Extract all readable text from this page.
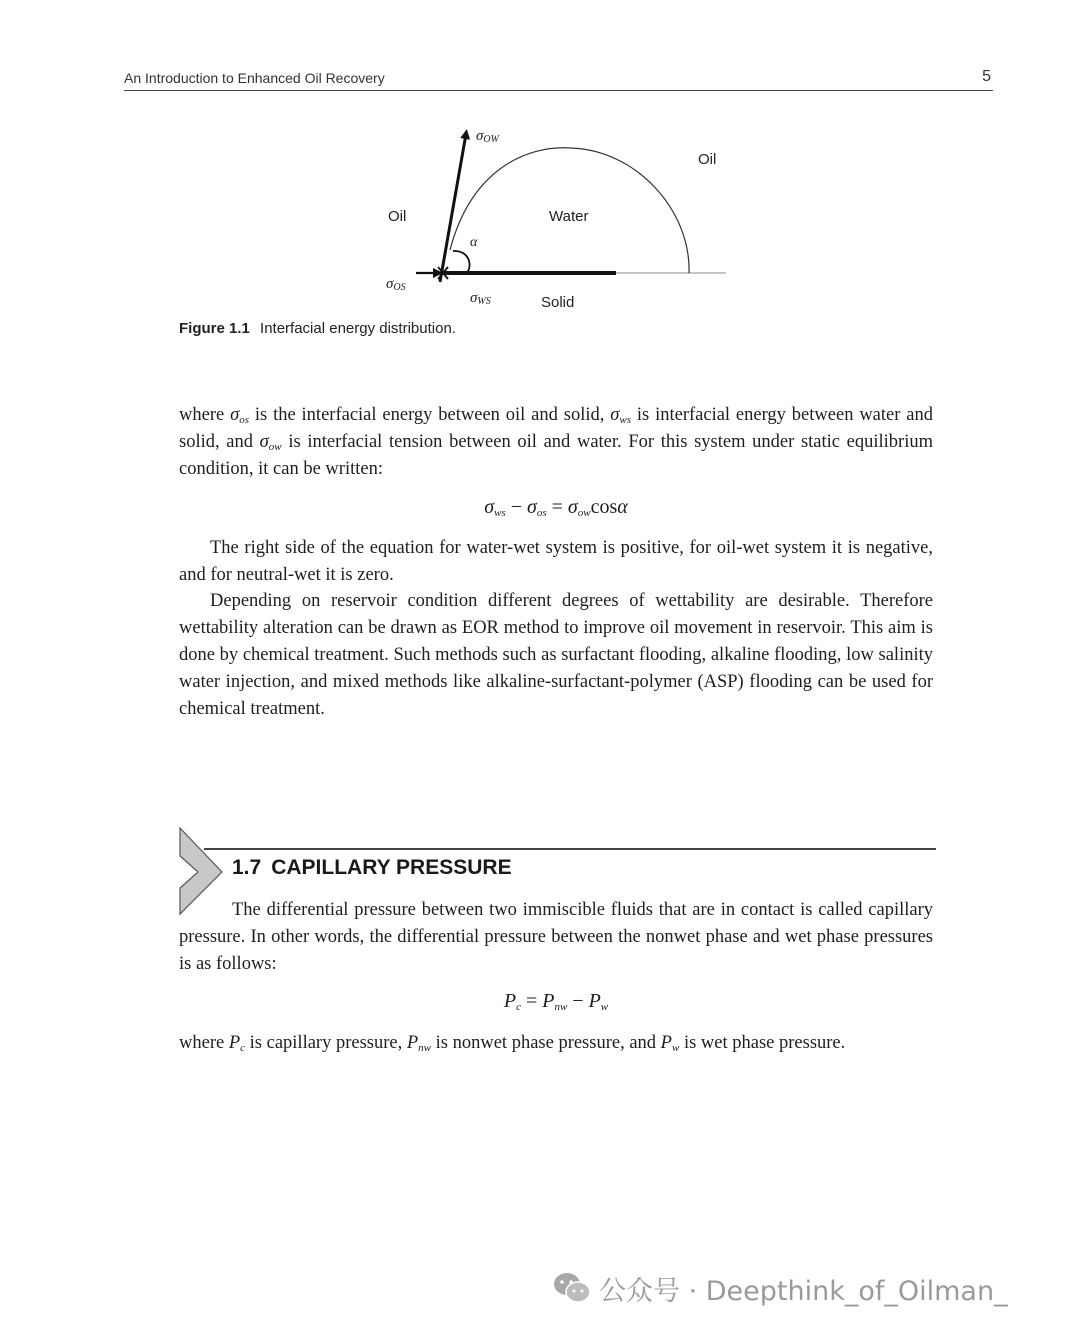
An Introduction to Enhanced Oil Recovery	5
σOW
Oil
Oil	Water
α
σOS
σWS	Solid
Figure 1.1 Interfacial energy distribution.

where $\sigma_{os}$ is the interfacial energy between oil and solid, $\sigma_{ws}$ is interfacial energy between water and solid, and $\sigma_{ow}$ is interfacial tension between oil and water. For this system under static equilibrium condition, it can be written:

$\sigma_{ws} - \sigma_{os} = \sigma_{ow}\cos\alpha$

The right side of the equation for water-wet system is positive, for oil-wet system it is negative, and for neutral-wet it is zero.

Depending on reservoir condition different degrees of wettability are desirable. Therefore wettability alteration can be drawn as EOR method to improve oil movement in reservoir. This aim is done by chemical treatment. Such methods such as surfactant flooding, alkaline flooding, low salinity water injection, and mixed methods like alkaline-surfactant-polymer (ASP) flooding can be used for chemical treatment.

1.7 CAPILLARY PRESSURE

The differential pressure between two immiscible fluids that are in contact is called capillary pressure. In other words, the differential pressure between the nonwet phase and wet phase pressures is as follows:

$P_c = P_{nw} - P_w$

where $P_c$ is capillary pressure, $P_{nw}$ is nonwet phase pressure, and $P_w$ is wet phase pressure.

公众号 · Deepthink_of_Oilman_
